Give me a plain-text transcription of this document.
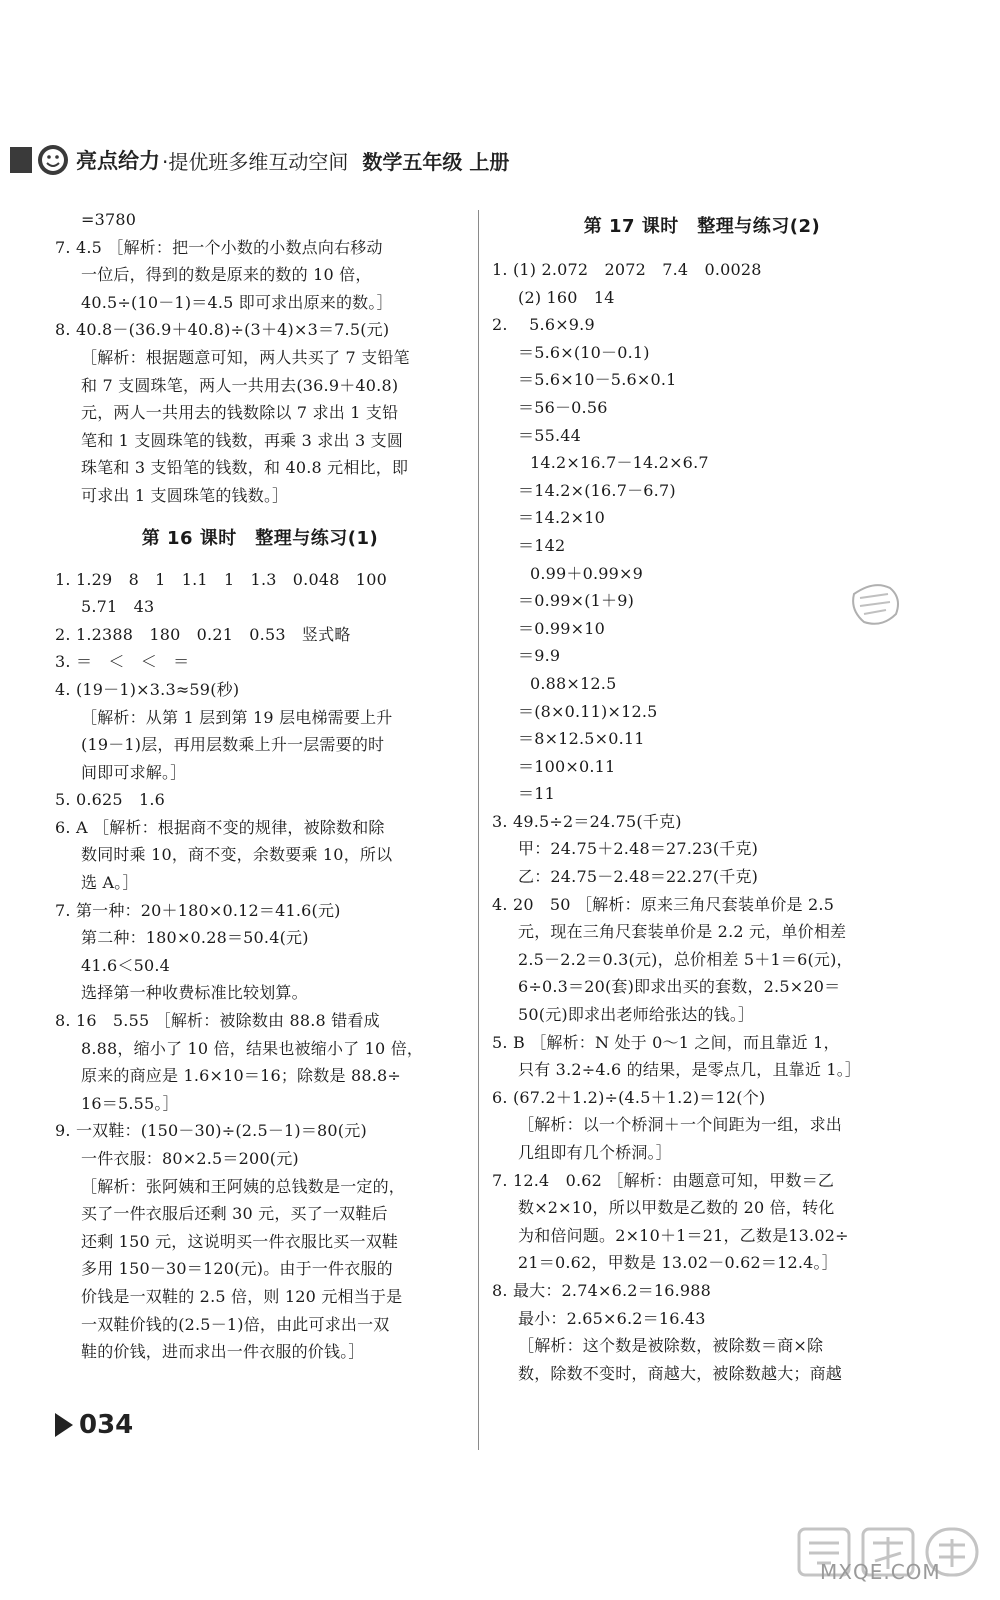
亮点给力 ·提优班多维互动空间 数学五年级 上册

=3780

7. 4.5 ［解析：把一个小数的小数点向右移动

一位后，得到的数是原来的数的 10 倍，

40.5÷(10－1)＝4.5 即可求出原来的数。］

8. 40.8－(36.9＋40.8)÷(3＋4)×3＝7.5(元)

［解析：根据题意可知，两人共买了 7 支铅笔

和 7 支圆珠笔，两人一共用去(36.9＋40.8)

元，两人一共用去的钱数除以 7 求出 1 支铅

笔和 1 支圆珠笔的钱数，再乘 3 求出 3 支圆

珠笔和 3 支铅笔的钱数，和 40.8 元相比，即

可求出 1 支圆珠笔的钱数。］

第 16 课时　整理与练习(1)

1. 1.29　8　1　1.1　1　1.3　0.048　100

5.71　43

2. 1.2388　180　0.21　0.53　竖式略

3. ＝　＜　＜　＝

4. (19－1)×3.3≈59(秒)

［解析：从第 1 层到第 19 层电梯需要上升

(19－1)层，再用层数乘上升一层需要的时

间即可求解。］

5. 0.625　1.6

6. A ［解析：根据商不变的规律，被除数和除

数同时乘 10，商不变，余数要乘 10，所以

选 A。］

7. 第一种：20＋180×0.12＝41.6(元)

第二种：180×0.28＝50.4(元)

41.6＜50.4

选择第一种收费标准比较划算。

8. 16　5.55 ［解析：被除数由 88.8 错看成

8.88，缩小了 10 倍，结果也被缩小了 10 倍，

原来的商应是 1.6×10＝16；除数是 88.8÷

16＝5.55。］

9. 一双鞋：(150－30)÷(2.5－1)＝80(元)

一件衣服：80×2.5＝200(元)

［解析：张阿姨和王阿姨的总钱数是一定的，

买了一件衣服后还剩 30 元，买了一双鞋后

还剩 150 元，这说明买一件衣服比买一双鞋

多用 150－30＝120(元)。由于一件衣服的

价钱是一双鞋的 2.5 倍，则 120 元相当于是

一双鞋价钱的(2.5－1)倍，由此可求出一双

鞋的价钱，进而求出一件衣服的价钱。］

第 17 课时　整理与练习(2)

1. (1) 2.072　2072　7.4　0.0028

(2) 160　14

2. 　5.6×9.9

＝5.6×(10－0.1)

＝5.6×10－5.6×0.1

＝56－0.56

＝55.44

14.2×16.7－14.2×6.7

＝14.2×(16.7－6.7)

＝14.2×10

＝142

0.99＋0.99×9

＝0.99×(1＋9)

＝0.99×10

＝9.9

0.88×12.5

＝(8×0.11)×12.5

＝8×12.5×0.11

＝100×0.11

＝11

3. 49.5÷2＝24.75(千克)

甲：24.75＋2.48＝27.23(千克)

乙：24.75－2.48＝22.27(千克)

4. 20　50 ［解析：原来三角尺套装单价是 2.5

元，现在三角尺套装单价是 2.2 元，单价相差

2.5－2.2＝0.3(元)，总价相差 5＋1＝6(元)，

6÷0.3＝20(套)即求出买的套数，2.5×20＝

50(元)即求出老师给张达的钱。］

5. B ［解析：N 处于 0～1 之间，而且靠近 1，

只有 3.2÷4.6 的结果，是零点几，且靠近 1。］

6. (67.2＋1.2)÷(4.5＋1.2)＝12(个)

［解析：以一个桥洞＋一个间距为一组，求出

几组即有几个桥洞。］

7. 12.4　0.62 ［解析：由题意可知，甲数＝乙

数×2×10，所以甲数是乙数的 20 倍，转化

为和倍问题。2×10＋1＝21，乙数是13.02÷

21＝0.62，甲数是 13.02－0.62＝12.4。］

8. 最大：2.74×6.2＝16.988

最小：2.65×6.2＝16.43

［解析：这个数是被除数，被除数＝商×除

数，除数不变时，商越大，被除数越大；商越

034
MXQE.COM
